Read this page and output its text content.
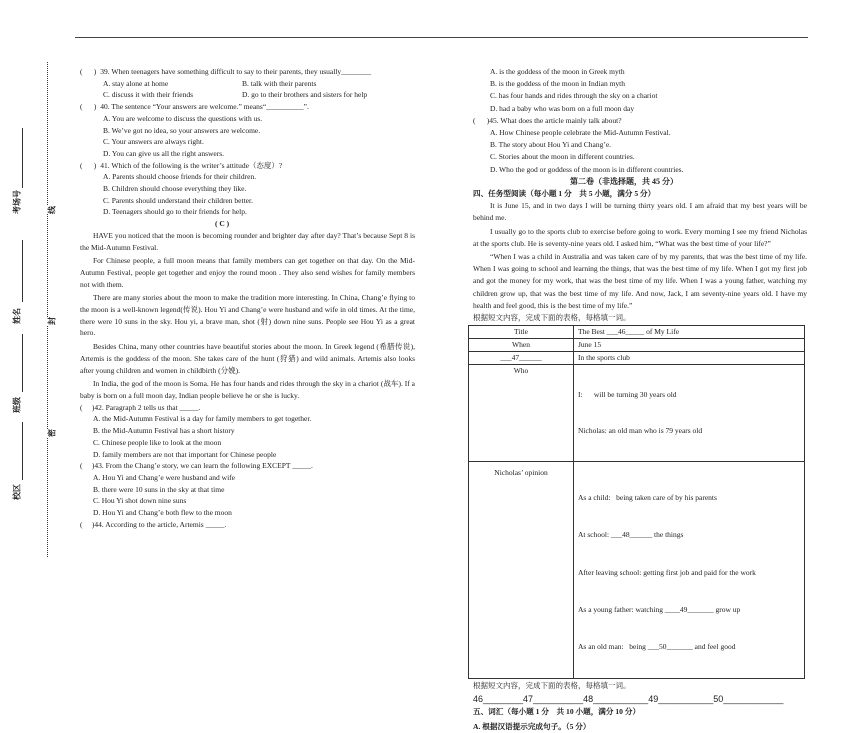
考场号
姓名
班级
校区
线
封
密
(      ) 39. When teenagers have something difficult to say to their parents, they usually________
A. stay alone at home	B. talk with their parents
C. discuss it with their friends	D. go to their brothers and sisters for help
(      ) 40. The sentence “Your answers are welcome.” means“__________”.
A. You are welcome to discuss the questions with us.
B. We’ve got no idea, so your answers are welcome.
C. Your answers are always right.
D. You can give us all the right answers.
(      ) 41. Which of the following is the writer’s attitude（态度）?
A. Parents should choose friends for their children.
B. Children should choose everything they like.
C. Parents should understand their children better.
D. Teenagers should go to their friends for help.
( C )

HAVE you noticed that the moon is becoming rounder and brighter day after day? That’s because Sept 8 is the Mid-Autumn Festival.

For Chinese people, a full moon means that family members can get together on that day. On the Mid-Autumn Festival, people get together and enjoy the round moon . They also send wishes for family members not with them.

There are many stories about the moon to make the tradition more interesting. In China, Chang’e flying to the moon is a well-known legend(传说). Hou Yi and Chang’e were husband and wife in old times. At the time, there were 10 suns in the sky. Hou yi, a brave man, shot (射) down nine suns. People see Hou Yi as a great hero.

Besides China, many other countries have beautiful stories about the moon. In Greek legend (希腊传说), Artemis is the goddess of the moon. She takes care of the hunt (狩猎) and wild animals. Artemis also looks after young children and women in childbirth (分娩).

In India, the god of the moon is Soma. He has four hands and rides through the sky in a chariot (战车). If a baby is born on a full moon day, Indian people believe he or she is lucky.

(     )42. Paragraph 2 tells us that _____.
A. the Mid-Autumn Festival is a day for family members to get together.
B. the Mid-Autumn Festival has a short history
C. Chinese people like to look at the moon
D. family members are not that important for Chinese people
(     )43. From the Chang’e story, we can learn the following EXCEPT _____.
A. Hou Yi and Chang’e were husband and wife
B. there were 10 suns in the sky at that time
C. Hou Yi shot down nine suns
D. Hou Yi and Chang’e both flew to the moon
(     )44. According to the article, Artemis _____.
A. is the goddess of the moon in Greek myth
B. is the goddess of the moon in Indian myth
C. has four hands and rides through the sky on a chariot
D. had a baby who was born on a full moon day
(      )45. What does the article mainly talk about?
A. How Chinese people celebrate the Mid-Autumn Festival.
B. The story about Hou Yi and Chang’e.
C. Stories about the moon in different countries.
D. Who the god or goddess of the moon is in different countries.
第二卷（非选择题，共 45 分）
四、任务型阅读（每小题 1 分　共 5 小题，满分 5 分）

It is June 15, and in two days I will be turning thirty years old. I am afraid that my best years will be behind me.

I usually go to the sports club to exercise before going to work. Every morning I see my friend Nicholas at the sports club. He is seventy-nine years old. I asked him, “What was the best time of your life?”

“When I was a child in Australia and was taken care of by my parents, that was the best time of my life. When I was going to school and learning the things, that was the best time of my life. When I got my first job and got the money for my work, that was the best time of my life. When I was a young father, watching my children grow up, that was the best time of my life. And now, Jack, I am seventy-nine years old. I have my health and feel good, this is the best time of my life.”

根据短文内容，完成下面的表格，每格填一词。
Title	The Best ___46_____ of My Life

When	June 15

___47______	In the sports club

Who	I:      will be turning 30 years old

Nicholas: an old man who is 79 years old

Nicholas’ opinion	As a child:   being taken care of by his parents

At school: ___48______ the things

After leaving school: getting first job and paid for the work

As a young father: watching ____49_______ grow up

As an old man:   being ___50_______ and feel good

根据短文内容，完成下面的表格，每格填一词。
46________47__________48___________49___________50____________
五、词汇（每小题 1 分　共 10 小题，满分 10 分）
A. 根据汉语提示完成句子。（5 分）
